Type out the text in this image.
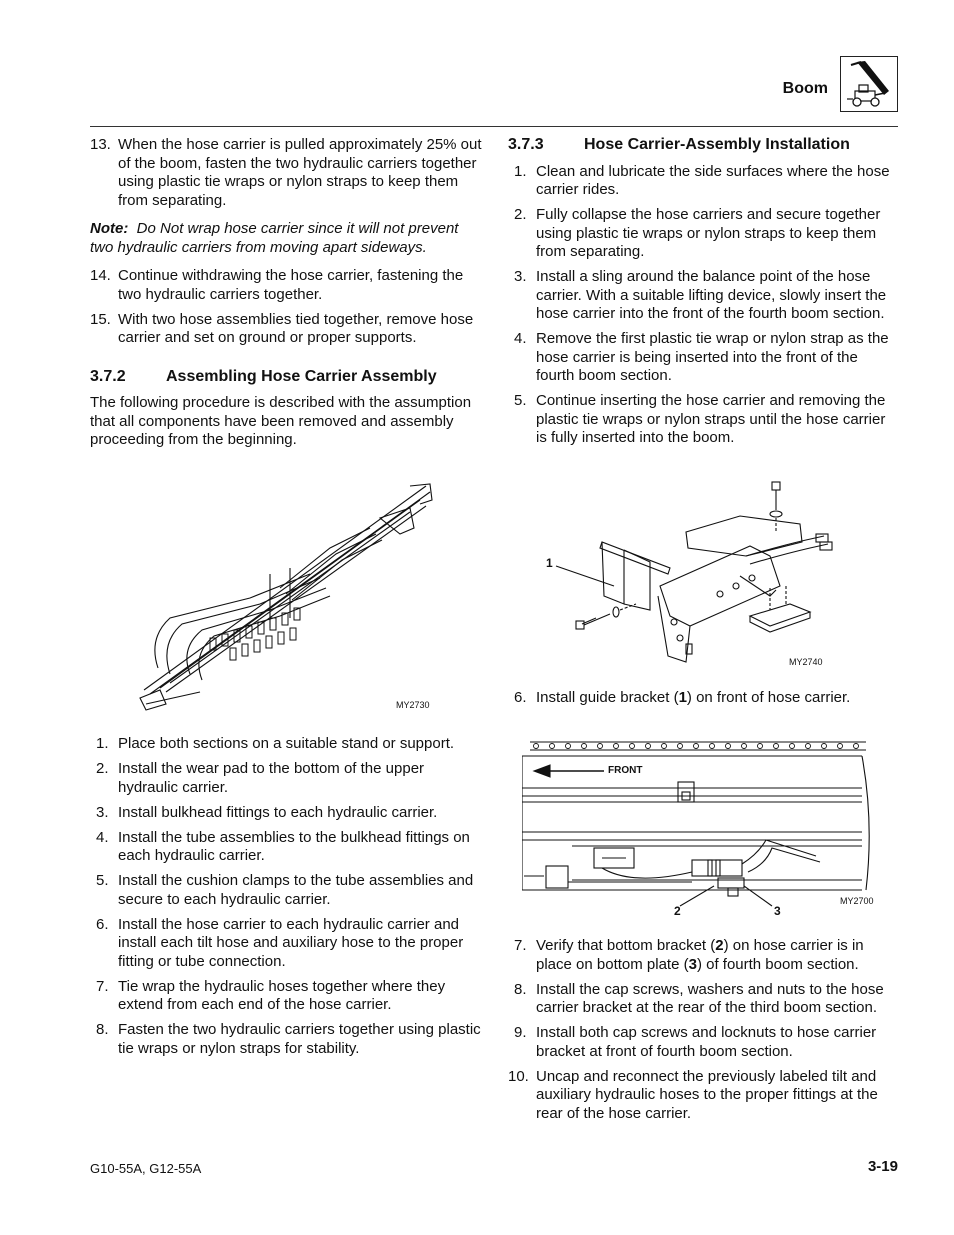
Boom
13. When the hose carrier is pulled approximately 25% out of the boom, fasten the two hydraulic carriers together using plastic tie wraps or nylon straps to keep them from separating.
Note: Do Not wrap hose carrier since it will not prevent two hydraulic carriers from moving apart sideways.
14. Continue withdrawing the hose carrier, fastening the two hydraulic carriers together.
15. With two hose assemblies tied together, remove hose carrier and set on ground or proper supports.
3.7.2	Assembling Hose Carrier Assembly
The following procedure is described with the assumption that all components have been removed and assembly proceeding from the beginning.
MY2730
1. Place both sections on a suitable stand or support.
2. Install the wear pad to the bottom of the upper hydraulic carrier.
3. Install bulkhead fittings to each hydraulic carrier.
4. Install the tube assemblies to the bulkhead fittings on each hydraulic carrier.
5. Install the cushion clamps to the tube assemblies and secure to each hydraulic carrier.
6. Install the hose carrier to each hydraulic carrier and install each tilt hose and auxiliary hose to the proper fitting or tube connection.
7. Tie wrap the hydraulic hoses together where they extend from each end of the hose carrier.
8. Fasten the two hydraulic carriers together using plastic tie wraps or nylon straps for stability.
3.7.3	Hose Carrier-Assembly Installation
1. Clean and lubricate the side surfaces where the hose carrier rides.
2. Fully collapse the hose carriers and secure together using plastic tie wraps or nylon straps to keep them from separating.
3. Install a sling around the balance point of the hose carrier. With a suitable lifting device, slowly insert the hose carrier into the front of the fourth boom section.
4. Remove the first plastic tie wrap or nylon strap as the hose carrier is being inserted into the front of the fourth boom section.
5. Continue inserting the hose carrier and removing the plastic tie wraps or nylon straps until the hose carrier is fully inserted into the boom.
1
MY2740
6. Install guide bracket (1) on front of hose carrier.
FRONT
2	3
MY2700
7. Verify that bottom bracket (2) on hose carrier is in place on bottom plate (3) of fourth boom section.
8. Install the cap screws, washers and nuts to the hose carrier bracket at the rear of the third boom section.
9. Install both cap screws and locknuts to hose carrier bracket at front of fourth boom section.
10. Uncap and reconnect the previously labeled tilt and auxiliary hydraulic hoses to the proper fittings at the rear of the hose carrier.
G10-55A, G12-55A	3-19
